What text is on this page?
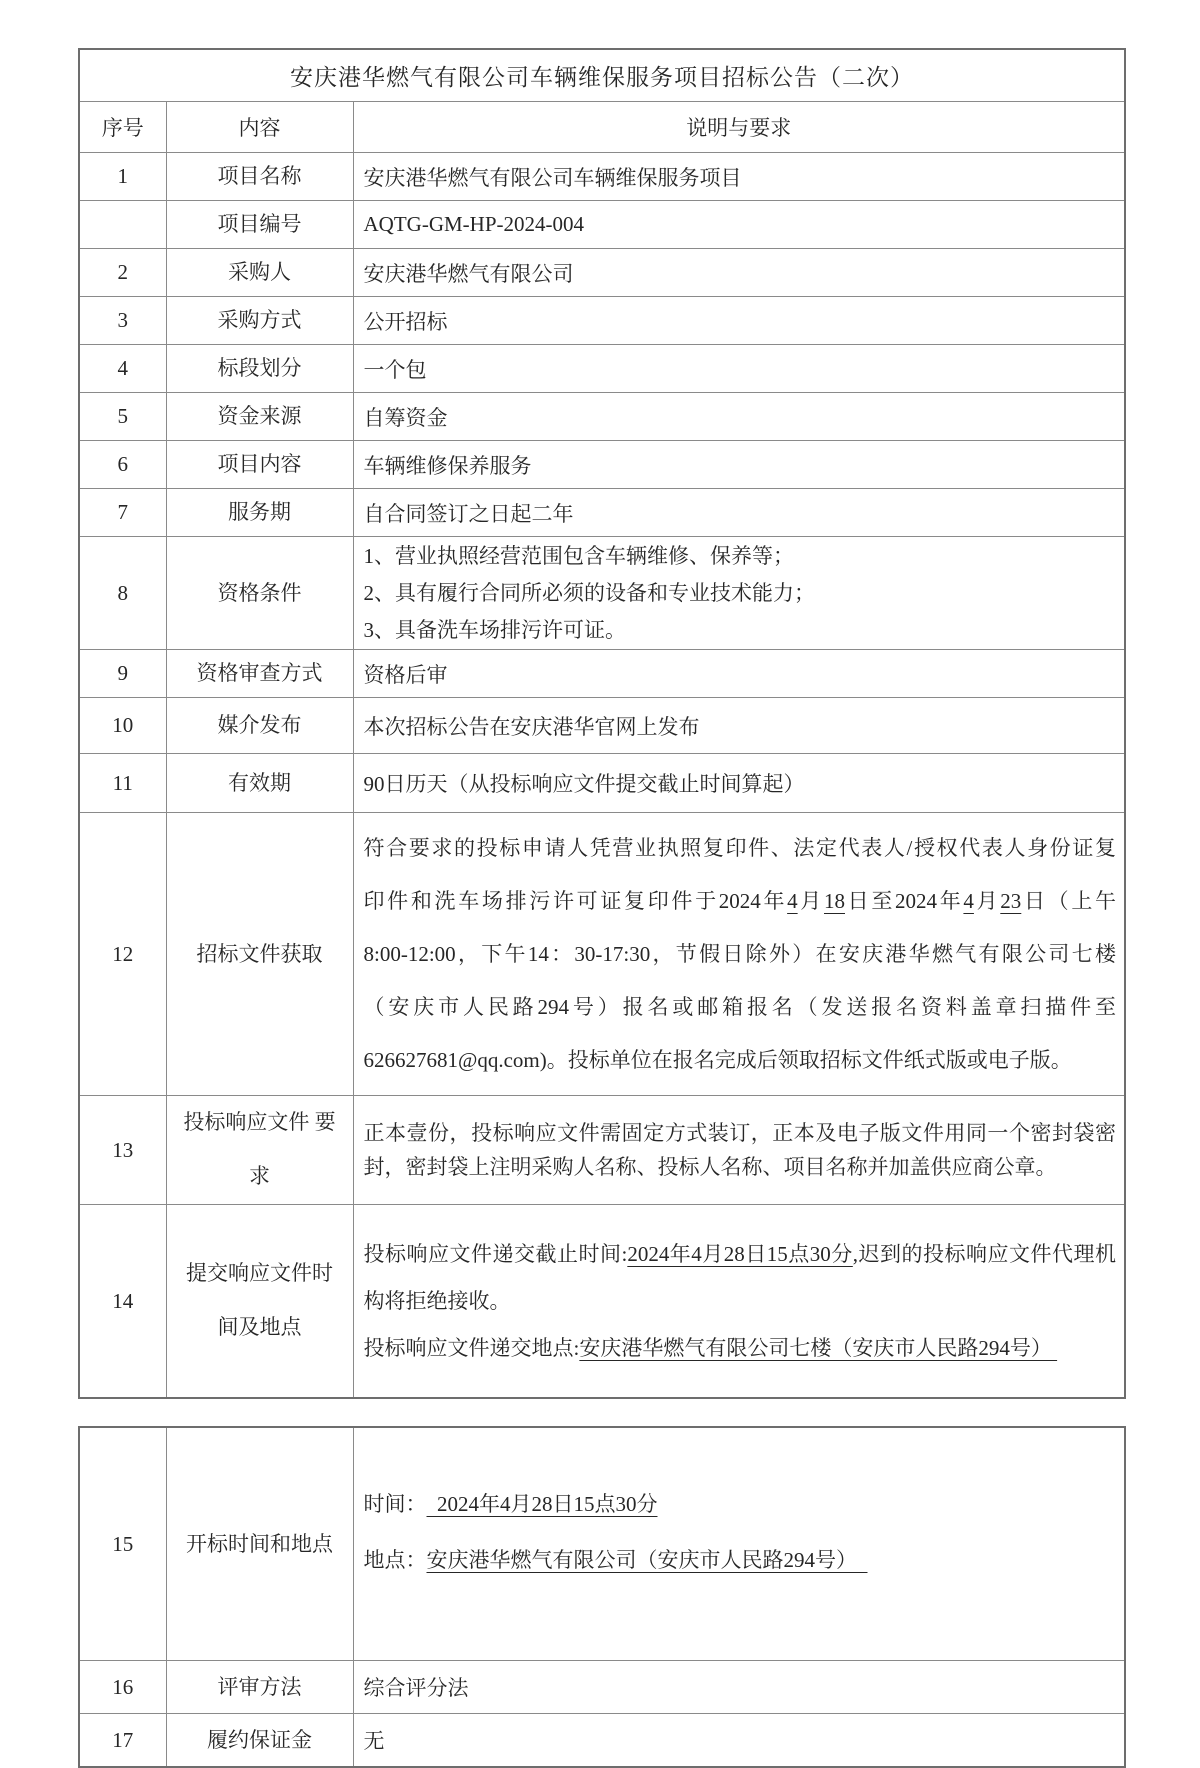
安庆港华燃气有限公司车辆维保服务项目招标公告（二次）		
序号	内容	说明与要求
1	项目名称	安庆港华燃气有限公司车辆维保服务项目
	项目编号	AQTG-GM-HP-2024-004
2	采购人	安庆港华燃气有限公司
3	采购方式	公开招标
4	标段划分	一个包
5	资金来源	自筹资金
6	项目内容	车辆维修保养服务
7	服务期	自合同签订之日起二年
8	资格条件	1、营业执照经营范围包含车辆维修、保养等；

2、具有履行合同所必须的设备和专业技术能力；

3、具备洗车场排污许可证。

9	资格审查方式	资格后审
10	媒介发布	本次招标公告在安庆港华官网上发布
11	有效期	90日历天（从投标响应文件提交截止时间算起）
12	招标文件获取	符合要求的投标申请人凭营业执照复印件、法定代表人/授权代表人身份证复

印件和洗车场排污许可证复印件于2024年4月18日至2024年4月23日（上午

8:00-12:00，下午14：30-17:30，节假日除外）在安庆港华燃气有限公司七楼

（安庆市人民路294号）报名或邮箱报名（发送报名资料盖章扫描件至

626627681@qq.com)。投标单位在报名完成后领取招标文件纸式版或电子版。

13	投标响应文件 要求	正本壹份，投标响应文件需固定方式装订，正本及电子版文件用同一个密封袋密封，密封袋上注明采购人名称、投标人名称、项目名称并加盖供应商公章。

14	提交响应文件时间及地点	投标响应文件递交截止时间:2024年4月28日15点30分,迟到的投标响应文件代理机构将拒绝接收。

投标响应文件递交地点:安庆港华燃气有限公司七楼（安庆市人民路294号）

15	开标时间和地点	时间：  2024年4月28日15点30分

地点：安庆港华燃气有限公司（安庆市人民路294号）

16	评审方法	综合评分法
17	履约保证金	无
